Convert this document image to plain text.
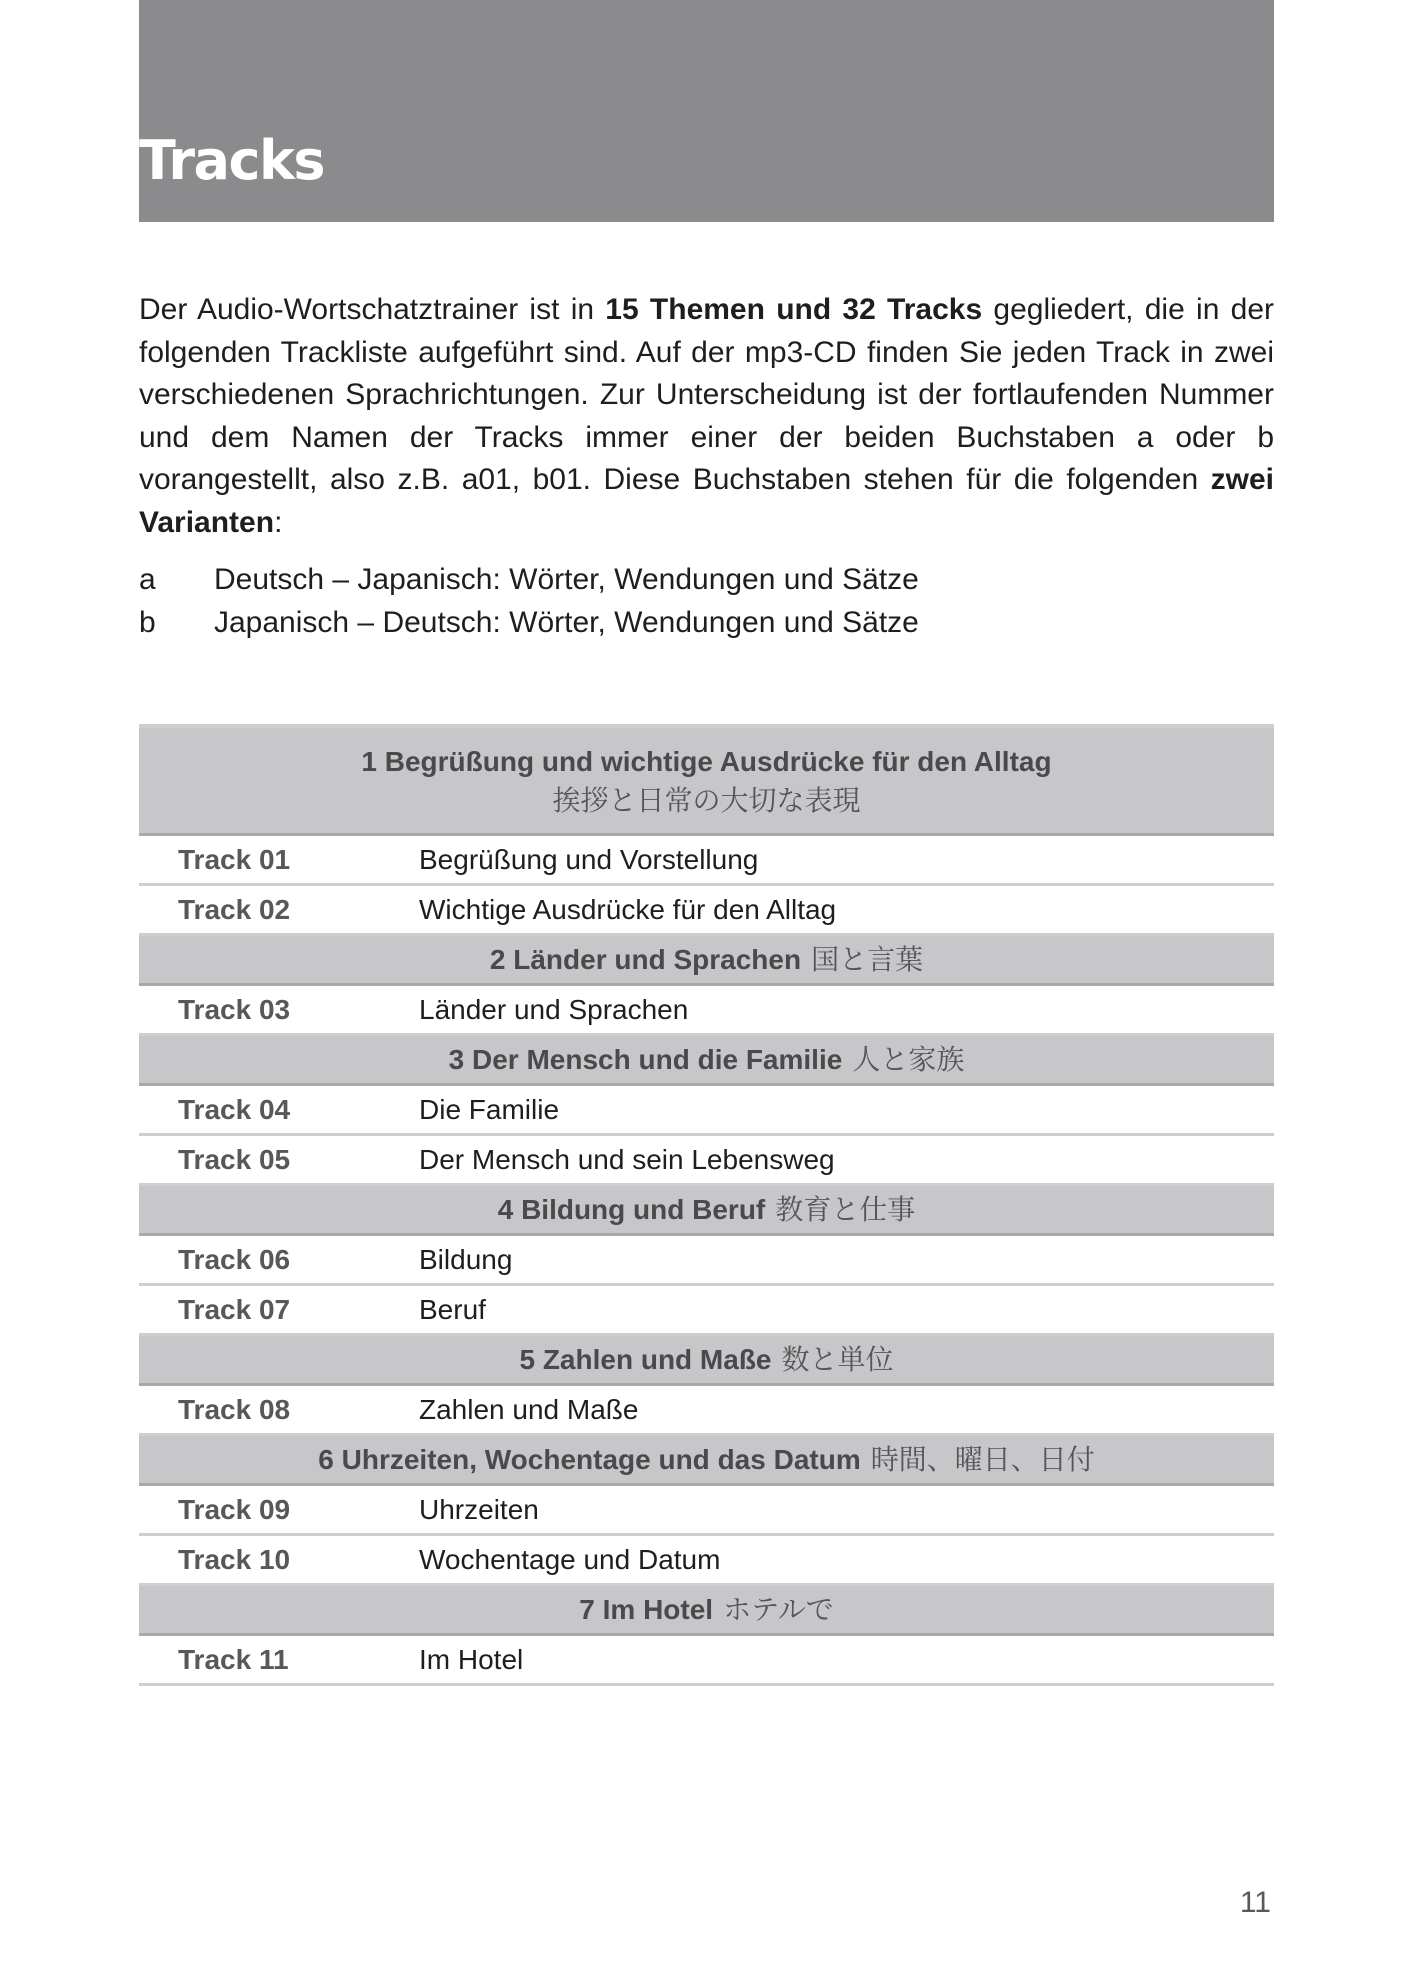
Tracks

Der Audio-Wortschatztrainer ist in 15 Themen und 32 Tracks gegliedert, die in der folgenden Trackliste aufgeführt sind. Auf der mp3-CD finden Sie jeden Track in zwei verschiedenen Sprachrichtungen. Zur Unterscheidung ist der fortlaufenden Nummer und dem Namen der Tracks immer einer der beiden Buchstaben a oder b vorangestellt, also z.B. a01, b01. Diese Buchstaben stehen für die folgenden zwei Varianten:

a	Deutsch – Japanisch: Wörter, Wendungen und Sätze
b	Japanisch – Deutsch: Wörter, Wendungen und Sätze
1 Begrüßung und wichtige Ausdrücke für den Alltag
挨拶と日常の大切な表現
Track 01	Begrüßung und Vorstellung
Track 02	Wichtige Ausdrücke für den Alltag
2 Länder und Sprachen 国と言葉
Track 03	Länder und Sprachen
3 Der Mensch und die Familie 人と家族
Track 04	Die Familie
Track 05	Der Mensch und sein Lebensweg
4 Bildung und Beruf 教育と仕事
Track 06	Bildung
Track 07	Beruf
5 Zahlen und Maße 数と単位
Track 08	Zahlen und Maße
6 Uhrzeiten, Wochentage und das Datum 時間、曜日、日付
Track 09	Uhrzeiten
Track 10	Wochentage und Datum
7 Im Hotel ホテルで
Track 11	Im Hotel
11
